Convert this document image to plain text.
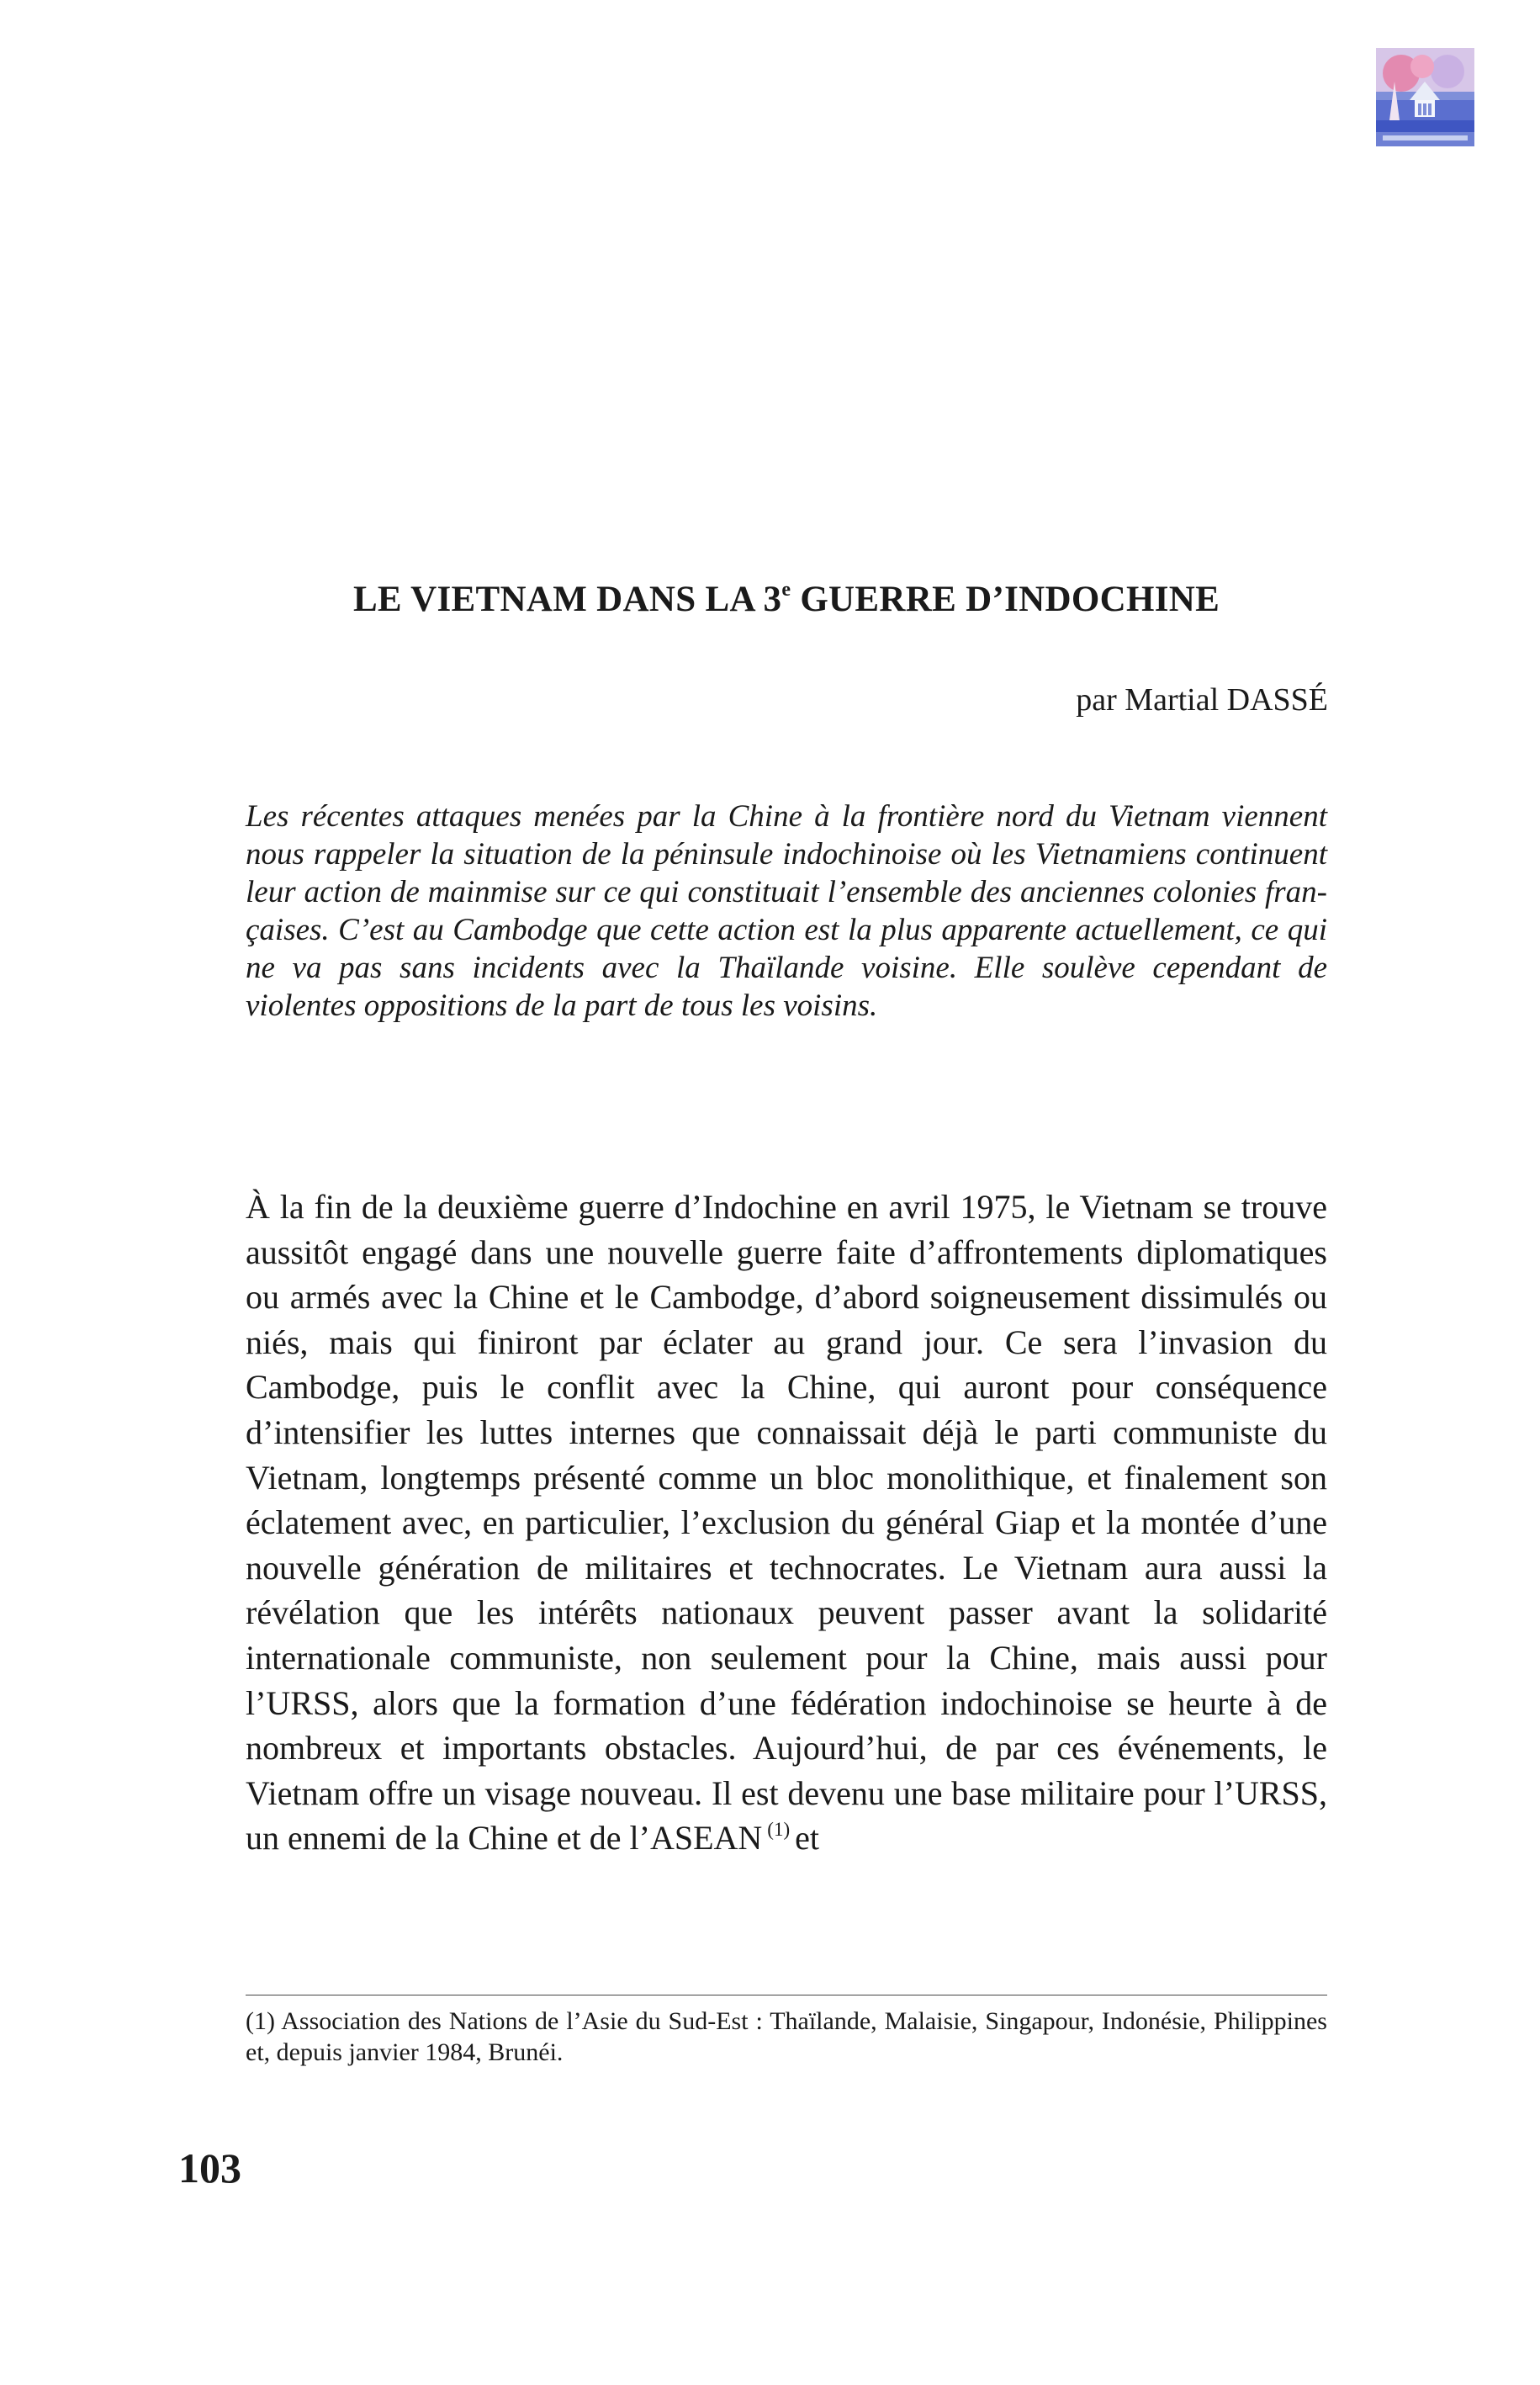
LE VIETNAM DANS LA 3e GUERRE D’INDOCHINE
par Martial DASSÉ
Les récentes attaques menées par la Chine à la frontière nord du Vietnam viennent nous rappeler la situation de la péninsule indochinoise où les Vietnamiens continuent leur action de mainmise sur ce qui constituait l’ensemble des anciennes colonies françaises. C’est au Cambodge que cette action est la plus apparente actuellement, ce qui ne va pas sans incidents avec la Thaïlande voisine. Elle soulève cependant de violentes oppositions de la part de tous les voisins.
À la fin de la deuxième guerre d’Indochine en avril 1975, le Vietnam se trouve aussitôt engagé dans une nouvelle guerre faite d’affrontements diplomatiques ou armés avec la Chine et le Cambodge, d’abord soigneusement dissimulés ou niés, mais qui finiront par éclater au grand jour. Ce sera l’invasion du Cambodge, puis le conflit avec la Chine, qui auront pour conséquence d’intensifier les luttes internes que connaissait déjà le parti communiste du Vietnam, longtemps présenté comme un bloc monolithique, et finalement son éclatement avec, en particulier, l’exclusion du général Giap et la montée d’une nouvelle génération de militaires et technocrates. Le Vietnam aura aussi la révélation que les intérêts nationaux peuvent passer avant la solidarité internationale communiste, non seulement pour la Chine, mais aussi pour l’URSS, alors que la formation d’une fédération indochinoise se heurte à de nombreux et importants obstacles. Aujourd’hui, de par ces événements, le Vietnam offre un visage nouveau. Il est devenu une base militaire pour l’URSS, un ennemi de la Chine et de l’ASEAN $^{(1)}$ et
(1) Association des Nations de l’Asie du Sud-Est : Thaïlande, Malaisie, Singapour, Indonésie, Philippines et, depuis janvier 1984, Brunéi.
103
